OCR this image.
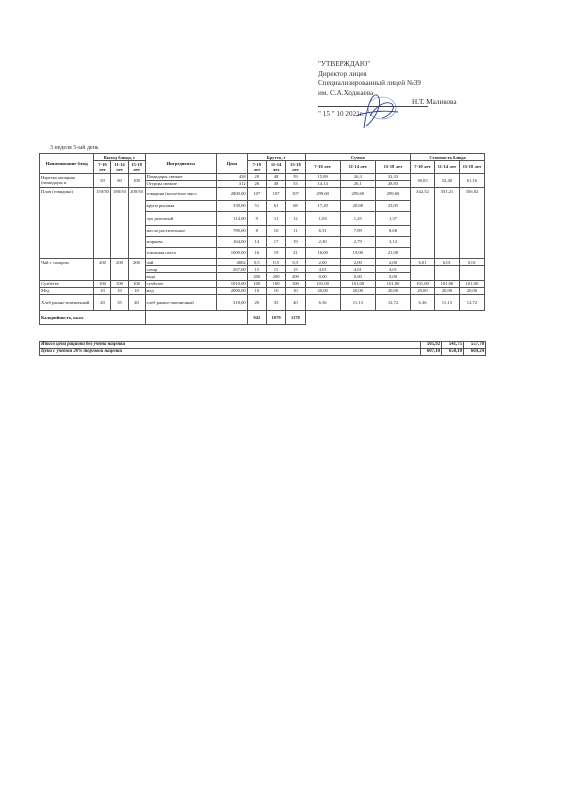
"УТВЕРЖДАЮ"
Директор лицея
Специализированный лицей №39
им. С.А.Ходжаева
Н.Т. Маликова
" 15 " 10 2021г.
3 неделя 5-ый день
Наименование блюд	Выход блюда, г			Ингредиенты	Цена	Брутто, г			Сумма			Стоимость блюда		
	7-10 лет	11-14 лет	15-18 лет			7-10 лет	11-14 лет	15-18 лет	7-10 лет	11-14 лет	15-18 лет	7-10 лет	11-14 лет	15-18 лет
Нарезка овощная (помидоры и	50	80	100	Помидоры свежие	458	29	48	59	15,89	26,3	32,33	30,03	52,40	61,16
				Огурцы свежие	312	26	48	53	14,14	26,1	28,83			
Плов (говядина)	150/50	180/50	200/50	говядина (котлетное мясо	2800,00	107	107	107	299,60	299,60	299,60	342,52	351,21	356,82
				крупа рисовая	339,00	51	61	68	17,29	20,68	23,05			
				лук репчатый	114,00	9	11	12	1,03	1,25	1,37			
				масло растительное	789,00	8	10	11	6,31	7,89	8,68			
				морковь	164,00	14	17	19	2,30	2,79	3,12			
				томатная паста	1000,00	16	19	21	16,00	19,00	21,00			
Чай с сахаром	200	200	200	чай	4002	0,5	0,5	0,5	2,00	2,00	2,00	6,01	6,01	6,01
				сахар	267,00	15	15	15	4,01	4,01	4,01			
				вода		200	200	200	0,00	0,00	0,00			
Сухбетее	100	100	100	сухбетее	1010,00	100	100	100	101,00	101,00	101,00	101,00	101,00	101,00
Мед	10	10	10	мед	2000,00	10	10	10	20,00	20,00	20,00	20,00	20,00	20,00
Хлеб ржано-пшеничный	20	35	40	хлеб ржано-пшеничный	318,00	20	35	40	6,36	11,13	12,72	6,36	11,13	12,72
Калорийность, ккал						942	1079	1178						
Итого цена рациона без учета наценки	505,92	541,75	557,70
Цена с учетом 20% торговой наценки	607,10	650,10	669,24
